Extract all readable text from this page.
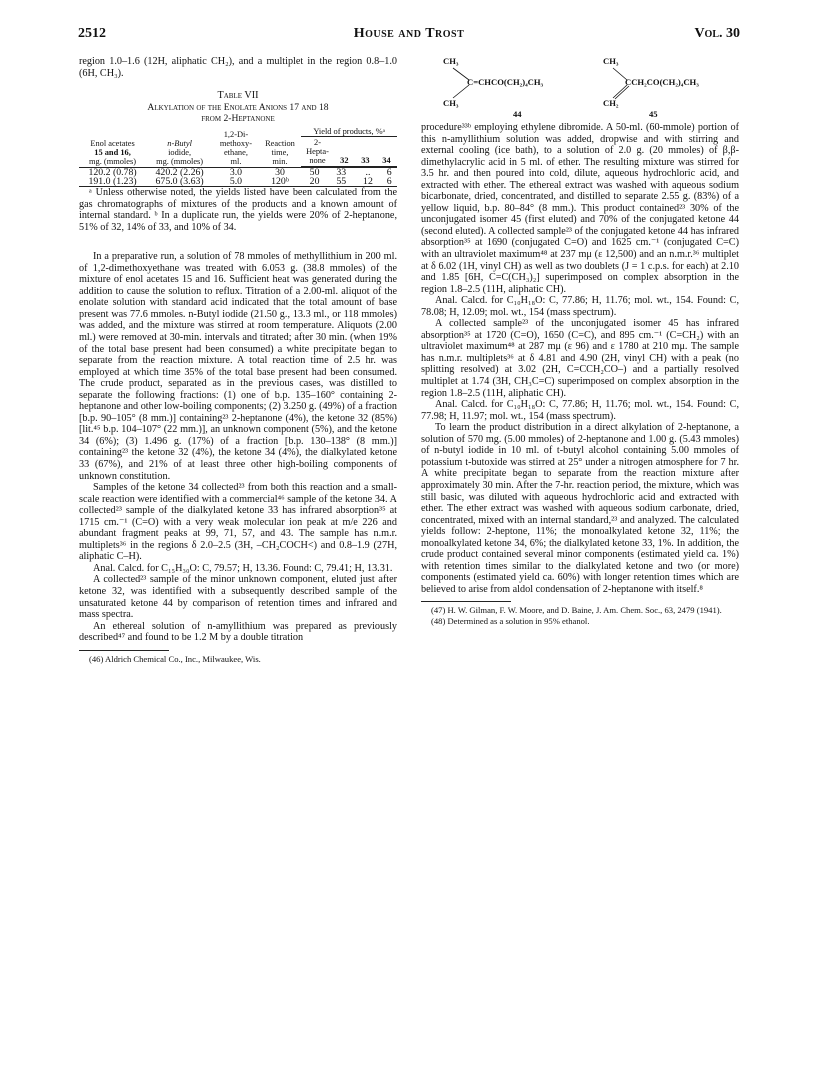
2512	House and Trost	Vol. 30

region 1.0–1.6 (12H, aliphatic CH₂), and a multiplet in the region 0.8–1.0 (6H, CH₃).

Table VII

Alkylation of the Enolate Anions 17 and 18

from 2-Heptanone

Enol acetates
15 and 16,
mg. (mmoles)

n-Butyl
iodide,
mg. (mmoles)

1,2-Di-
methoxy-
ethane,
ml.

Reaction
time,
min.

Yield of products, %ᵃ
2-
Hepta-
none	32	33	34

120.2 (0.78)	420.2 (2.26)	3.0	30	50	33	..	6
191.0 (1.23)	675.0 (3.63)	5.0	120ᵇ	20	55	12	6

ᵃ Unless otherwise noted, the yields listed have been calculated from the gas chromatographs of mixtures of the products and a known amount of internal standard. ᵇ In a duplicate run, the yields were 20% of 2-heptanone, 51% of 32, 14% of 33, and 10% of 34.

In a preparative run, a solution of 78 mmoles of methyllithium in 200 ml. of 1,2-dimethoxyethane was treated with 6.053 g. (38.8 mmoles) of the mixture of enol acetates 15 and 16. Sufficient heat was generated during the addition to cause the solution to reflux. Titration of a 2.00-ml. aliquot of the enolate solution with standard acid indicated that the total amount of base present was 77.6 mmoles. n-Butyl iodide (21.50 g., 13.3 ml., or 118 mmoles) was added, and the mixture was stirred at room temperature. Aliquots (2.00 ml.) were removed at 30-min. intervals and titrated; after 30 min. (when 19% of the total base present had been consumed) a white precipitate began to separate from the reaction mixture. A total reaction time of 2.5 hr. was employed at which time 35% of the total base present had been consumed. The crude product, separated as in the previous cases, was distilled to separate the following fractions: (1) one of b.p. 135–160° containing 2-heptanone and other low-boiling components; (2) 3.250 g. (49%) of a fraction [b.p. 90–105° (8 mm.)] containing²³ 2-heptanone (4%), the ketone 32 (85%) [lit.⁴⁵ b.p. 104–107° (22 mm.)], an unknown component (5%), and the ketone 34 (6%); (3) 1.496 g. (17%) of a fraction [b.p. 130–138° (8 mm.)] containing²³ the ketone 32 (4%), the ketone 34 (4%), the dialkylated ketone 33 (67%), and 21% of at least three other high-boiling components of unknown constitution.

Samples of the ketone 34 collected²³ from both this reaction and a small-scale reaction were identified with a commercial⁴⁶ sample of the ketone 34. A collected²³ sample of the dialkylated ketone 33 has infrared absorption³⁵ at 1715 cm.⁻¹ (C=O) with a very weak molecular ion peak at m/e 226 and abundant fragment peaks at 99, 71, 57, and 43. The sample has n.m.r. multiplets³⁶ in the regions δ 2.0–2.5 (3H, –CH₂COCH<) and 0.8–1.9 (27H, aliphatic C–H).

Anal. Calcd. for C₁₅H₃₀O: C, 79.57; H, 13.36. Found: C, 79.41; H, 13.31.

A collected²³ sample of the minor unknown component, eluted just after ketone 32, was identified with a subsequently described sample of the unsaturated ketone 44 by comparison of retention times and infrared and mass spectra.

An ethereal solution of n-amyllithium was prepared as previously described⁴⁷ and found to be 1.2 M by a double titration

(46) Aldrich Chemical Co., Inc., Milwaukee, Wis.

CH₃
C=CHCO(CH₂)₄CH₃
CH₃
44
CH₃
CCH₂CO(CH₂)₄CH₃
CH₂
45

procedure³³ᵇ employing ethylene dibromide. A 50-ml. (60-mmole) portion of this n-amyllithium solution was added, dropwise and with stirring and external cooling (ice bath), to a solution of 2.0 g. (20 mmoles) of β,β-dimethylacrylic acid in 5 ml. of ether. The resulting mixture was stirred for 3.5 hr. and then poured into cold, dilute, aqueous hydrochloric acid, and extracted with ether. The ethereal extract was washed with aqueous sodium bicarbonate, dried, concentrated, and distilled to separate 2.55 g. (83%) of a yellow liquid, b.p. 80–84° (8 mm.). This product contained²³ 30% of the unconjugated isomer 45 (first eluted) and 70% of the conjugated ketone 44 (second eluted). A collected sample²³ of the conjugated ketone 44 has infrared absorption³⁵ at 1690 (conjugated C=O) and 1625 cm.⁻¹ (conjugated C=C) with an ultraviolet maximum⁴⁸ at 237 mμ (ε 12,500) and an n.m.r.³⁶ multiplet at δ 6.02 (1H, vinyl CH) as well as two doublets (J = 1 c.p.s. for each) at 2.10 and 1.85 [6H, C=C(CH₃)₂] superimposed on complex absorption in the region 1.8–2.5 (11H, aliphatic CH).

Anal. Calcd. for C₁₀H₁₈O: C, 77.86; H, 11.76; mol. wt., 154. Found: C, 78.08; H, 12.09; mol. wt., 154 (mass spectrum).

A collected sample²³ of the unconjugated isomer 45 has infrared absorption³⁵ at 1720 (C=O), 1650 (C=C), and 895 cm.⁻¹ (C=CH₂) with an ultraviolet maximum⁴⁸ at 287 mμ (ε 96) and ε 1780 at 210 mμ. The sample has n.m.r. multiplets³⁶ at δ 4.81 and 4.90 (2H, vinyl CH) with a peak (no splitting resolved) at 3.02 (2H, C=CCH₂CO–) and a partially resolved multiplet at 1.74 (3H, CH₃C=C) superimposed on complex absorption in the region 1.8–2.5 (11H, aliphatic CH).

Anal. Calcd. for C₁₀H₁₈O: C, 77.86; H, 11.76; mol. wt., 154. Found: C, 77.98; H, 11.97; mol. wt., 154 (mass spectrum).

To learn the product distribution in a direct alkylation of 2-heptanone, a solution of 570 mg. (5.00 mmoles) of 2-heptanone and 1.00 g. (5.43 mmoles) of n-butyl iodide in 10 ml. of t-butyl alcohol containing 5.00 mmoles of potassium t-butoxide was stirred at 25° under a nitrogen atmosphere for 7 hr. A white precipitate began to separate from the reaction mixture after approximately 30 min. After the 7-hr. reaction period, the mixture, which was still basic, was diluted with aqueous hydrochloric acid and extracted with ether. The ether extract was washed with aqueous sodium carbonate, dried, concentrated, mixed with an internal standard,²³ and analyzed. The calculated yields follow: 2-heptone, 11%; the monoalkylated ketone 32, 11%; the monoalkylated ketone 34, 6%; the dialkylated ketone 33, 1%. In addition, the crude product contained several minor components (estimated yield ca. 1%) with retention times similar to the dialkylated ketone and two (or more) components (estimated yield ca. 60%) with longer retention times which are believed to arise from aldol condensation of 2-heptanone with itself.⁸

(47) H. W. Gilman, F. W. Moore, and D. Baine, J. Am. Chem. Soc., 63, 2479 (1941).

(48) Determined as a solution in 95% ethanol.
